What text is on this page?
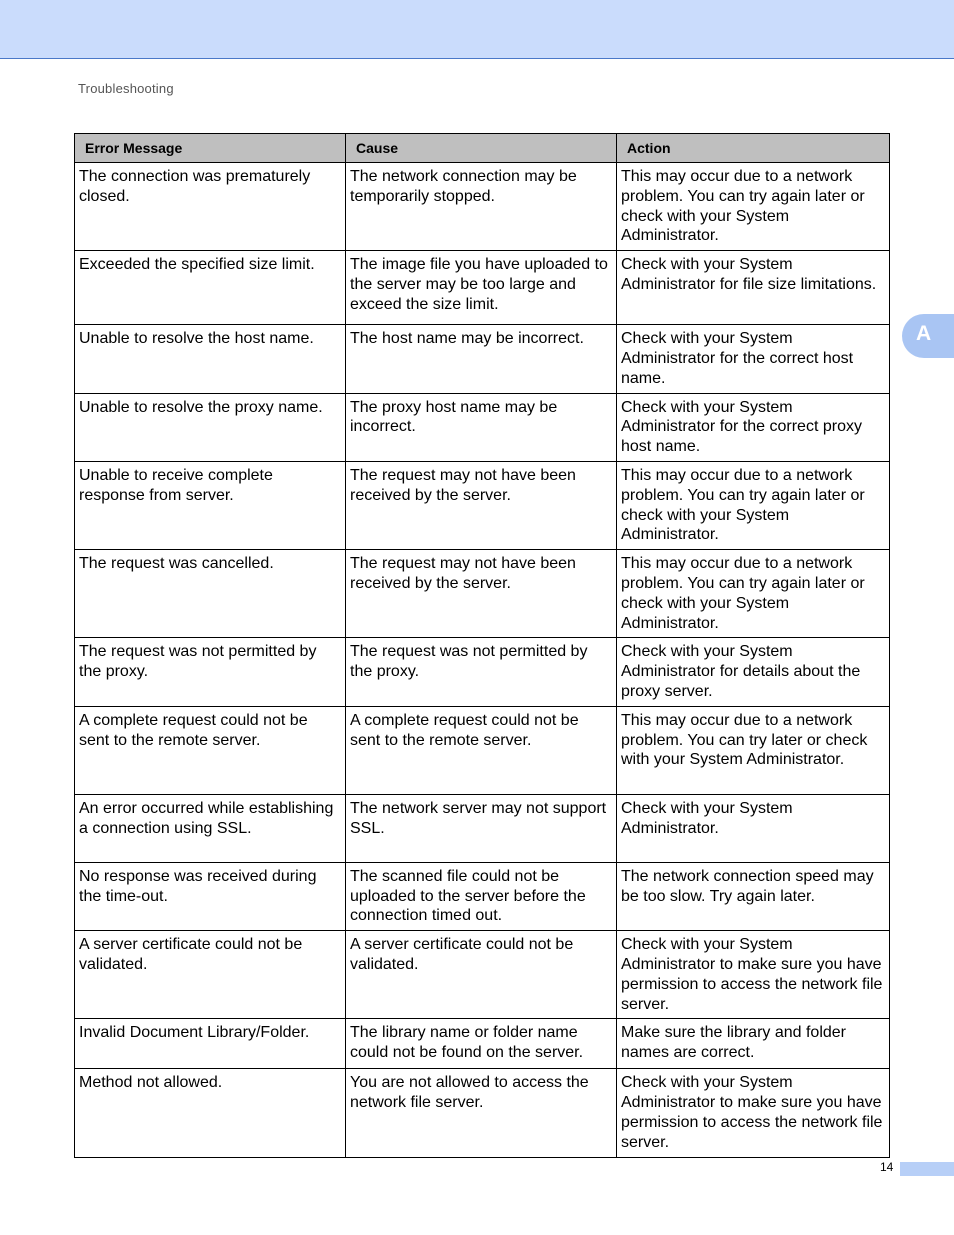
Troubleshooting
Error Message	Cause	Action
The connection was prematurely closed.	The network connection may be temporarily stopped.	This may occur due to a network problem. You can try again later or check with your System Administrator.
Exceeded the specified size limit.	The image file you have uploaded to the server may be too large and exceed the size limit.	Check with your System Administrator for file size limitations.
Unable to resolve the host name.	The host name may be incorrect.	Check with your System Administrator for the correct host name.
Unable to resolve the proxy name.	The proxy host name may be incorrect.	Check with your System Administrator for the correct proxy host name.
Unable to receive complete response from server.	The request may not have been received by the server.	This may occur due to a network problem. You can try again later or check with your System Administrator.
The request was cancelled.	The request may not have been received by the server.	This may occur due to a network problem. You can try again later or check with your System Administrator.
The request was not permitted by the proxy.	The request was not permitted by the proxy.	Check with your System Administrator for details about the proxy server.
A complete request could not be sent to the remote server.	A complete request could not be sent to the remote server.	This may occur due to a network problem. You can try later or check with your System Administrator.
An error occurred while establishing a connection using SSL.	The network server may not support SSL.	Check with your System Administrator.
No response was received during the time-out.	The scanned file could not be uploaded to the server before the connection timed out.	The network connection speed may be too slow. Try again later.
A server certificate could not be validated.	A server certificate could not be validated.	Check with your System Administrator to make sure you have permission to access the network file server.
Invalid Document Library/Folder.	The library name or folder name could not be found on the server.	Make sure the library and folder names are correct.
Method not allowed.	You are not allowed to access the network file server.	Check with your System Administrator to make sure you have permission to access the network file server.
A
14
